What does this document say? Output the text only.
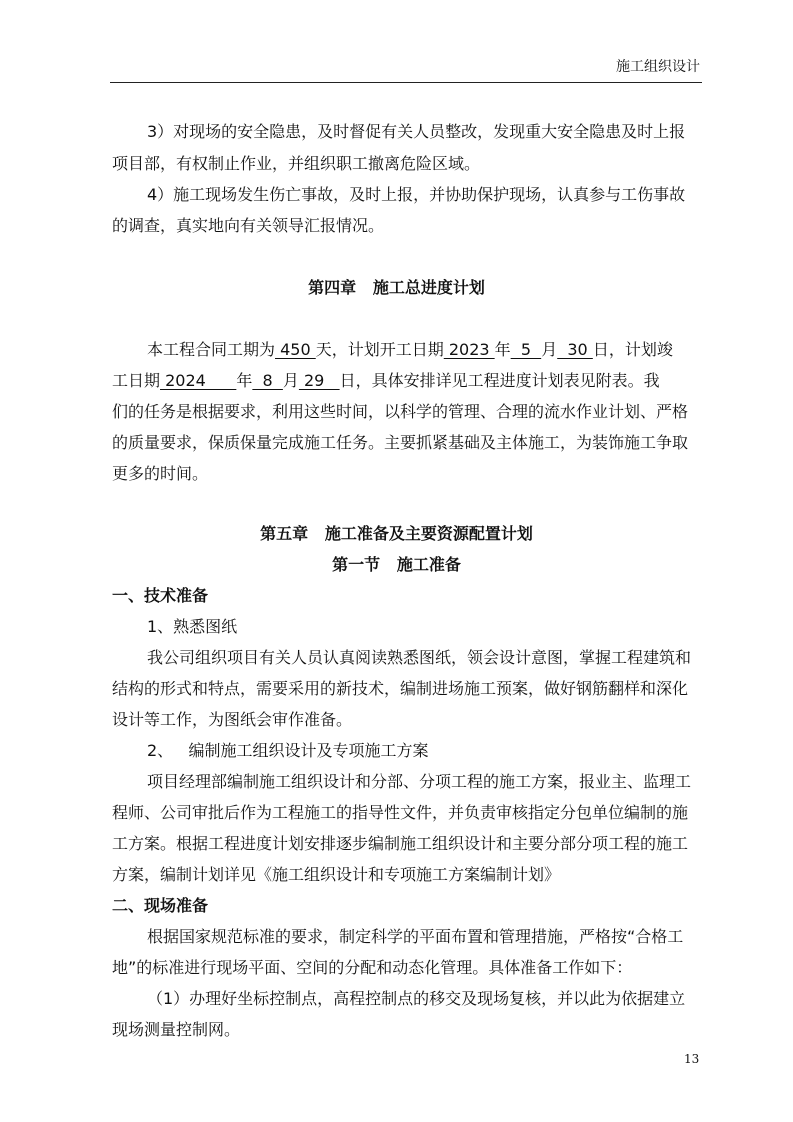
施工组织设计
3）对现场的安全隐患，及时督促有关人员整改，发现重大安全隐患及时上报
项目部，有权制止作业，并组织职工撤离危险区域。
4）施工现场发生伤亡事故，及时上报，并协助保护现场，认真参与工伤事故
的调查，真实地向有关领导汇报情况。
第四章   施工总进度计划
本工程合同工期为 450 天，计划开工日期 2023 年  5  月  30 日，计划竣
工日期 2024      年  8  月 29   日，具体安排详见工程进度计划表见附表。我
们的任务是根据要求，利用这些时间，以科学的管理、合理的流水作业计划、严格
的质量要求，保质保量完成施工任务。主要抓紧基础及主体施工，为装饰施工争取
更多的时间。
第五章   施工准备及主要资源配置计划
第一节   施工准备
一、技术准备
1、熟悉图纸
我公司组织项目有关人员认真阅读熟悉图纸，领会设计意图，掌握工程建筑和
结构的形式和特点，需要采用的新技术，编制进场施工预案，做好钢筋翻样和深化
设计等工作，为图纸会审作准备。
2、   编制施工组织设计及专项施工方案
项目经理部编制施工组织设计和分部、分项工程的施工方案，报业主、监理工
程师、公司审批后作为工程施工的指导性文件，并负责审核指定分包单位编制的施
工方案。根据工程进度计划安排逐步编制施工组织设计和主要分部分项工程的施工
方案，编制计划详见《施工组织设计和专项施工方案编制计划》
二、现场准备
根据国家规范标准的要求，制定科学的平面布置和管理措施，严格按“合格工
地”的标准进行现场平面、空间的分配和动态化管理。具体准备工作如下：
（1）办理好坐标控制点，高程控制点的移交及现场复核，并以此为依据建立
现场测量控制网。
13
